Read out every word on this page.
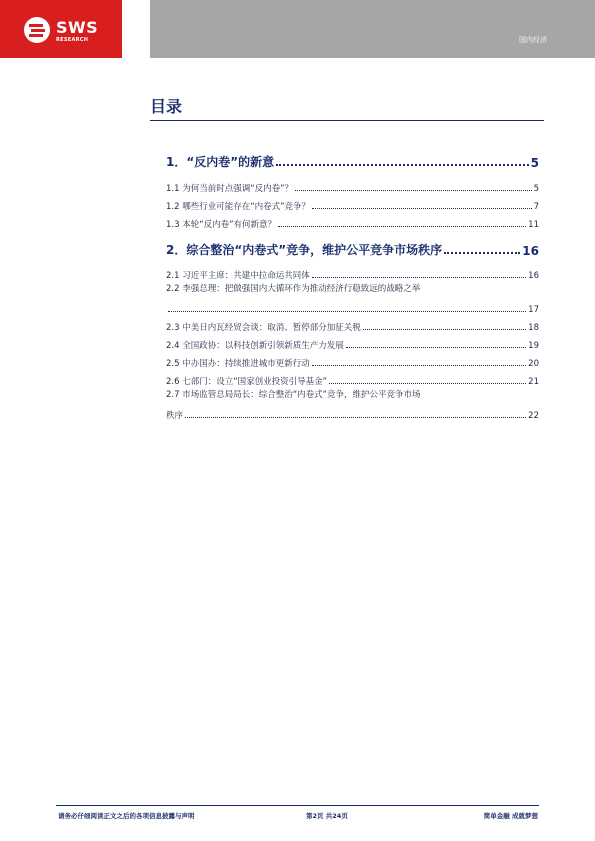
SWS
RESEARCH	国内经济
目录
1．“反内卷”的新意	5
1.1 为何当前时点强调“反内卷”？	5
1.2 哪些行业可能存在“内卷式”竞争？	7
1.3 本轮“反内卷”有何新意？	11
2．综合整治“内卷式”竞争，维护公平竞争市场秩序	16
2.1 习近平主席：共建中拉命运共同体	16
2.2 李强总理：把做强国内大循环作为推动经济行稳致远的战略之举
17
2.3 中美日内瓦经贸会谈：取消、暂停部分加征关税	18
2.4 全国政协：以科技创新引领新质生产力发展	19
2.5 中办国办：持续推进城市更新行动	20
2.6 七部门：设立“国家创业投资引导基金”	21
2.7 市场监管总局局长：综合整治“内卷式”竞争，维护公平竞争市场
秩序	22
请务必仔细阅读正文之后的各项信息披露与声明	第2页 共24页	简单金融 成就梦想
